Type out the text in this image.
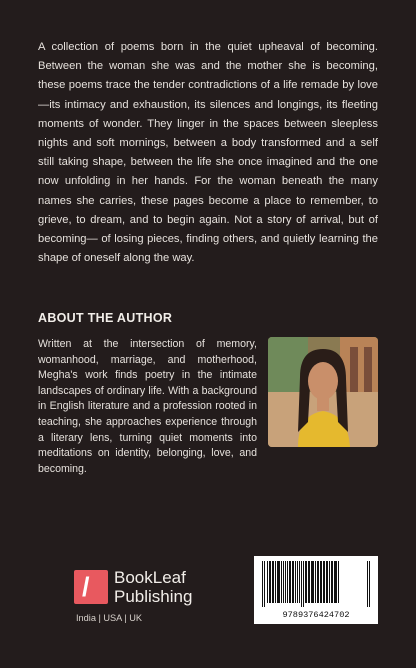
A collection of poems born in the quiet upheaval of becoming. Between the woman she was and the mother she is becoming, these poems trace the tender contradictions of a life remade by love—its intimacy and exhaustion, its silences and longings, its fleeting moments of wonder. They linger in the spaces between sleepless nights and soft mornings, between a body transformed and a self still taking shape, between the life she once imagined and the one now unfolding in her hands. For the woman beneath the many names she carries, these pages become a place to remember, to grieve, to dream, and to begin again. Not a story of arrival, but of becoming— of losing pieces, finding others, and quietly learning the shape of oneself along the way.

ABOUT THE AUTHOR

Written at the intersection of memory, womanhood, marriage, and motherhood, Megha's work finds poetry in the intimate landscapes of ordinary life. With a background in English literature and a profession rooted in teaching, she approaches experience through a literary lens, turning quiet moments into meditations on identity, belonging, love, and becoming.

/ BookLeaf
Publishing
India | USA | UK	9789376424702
